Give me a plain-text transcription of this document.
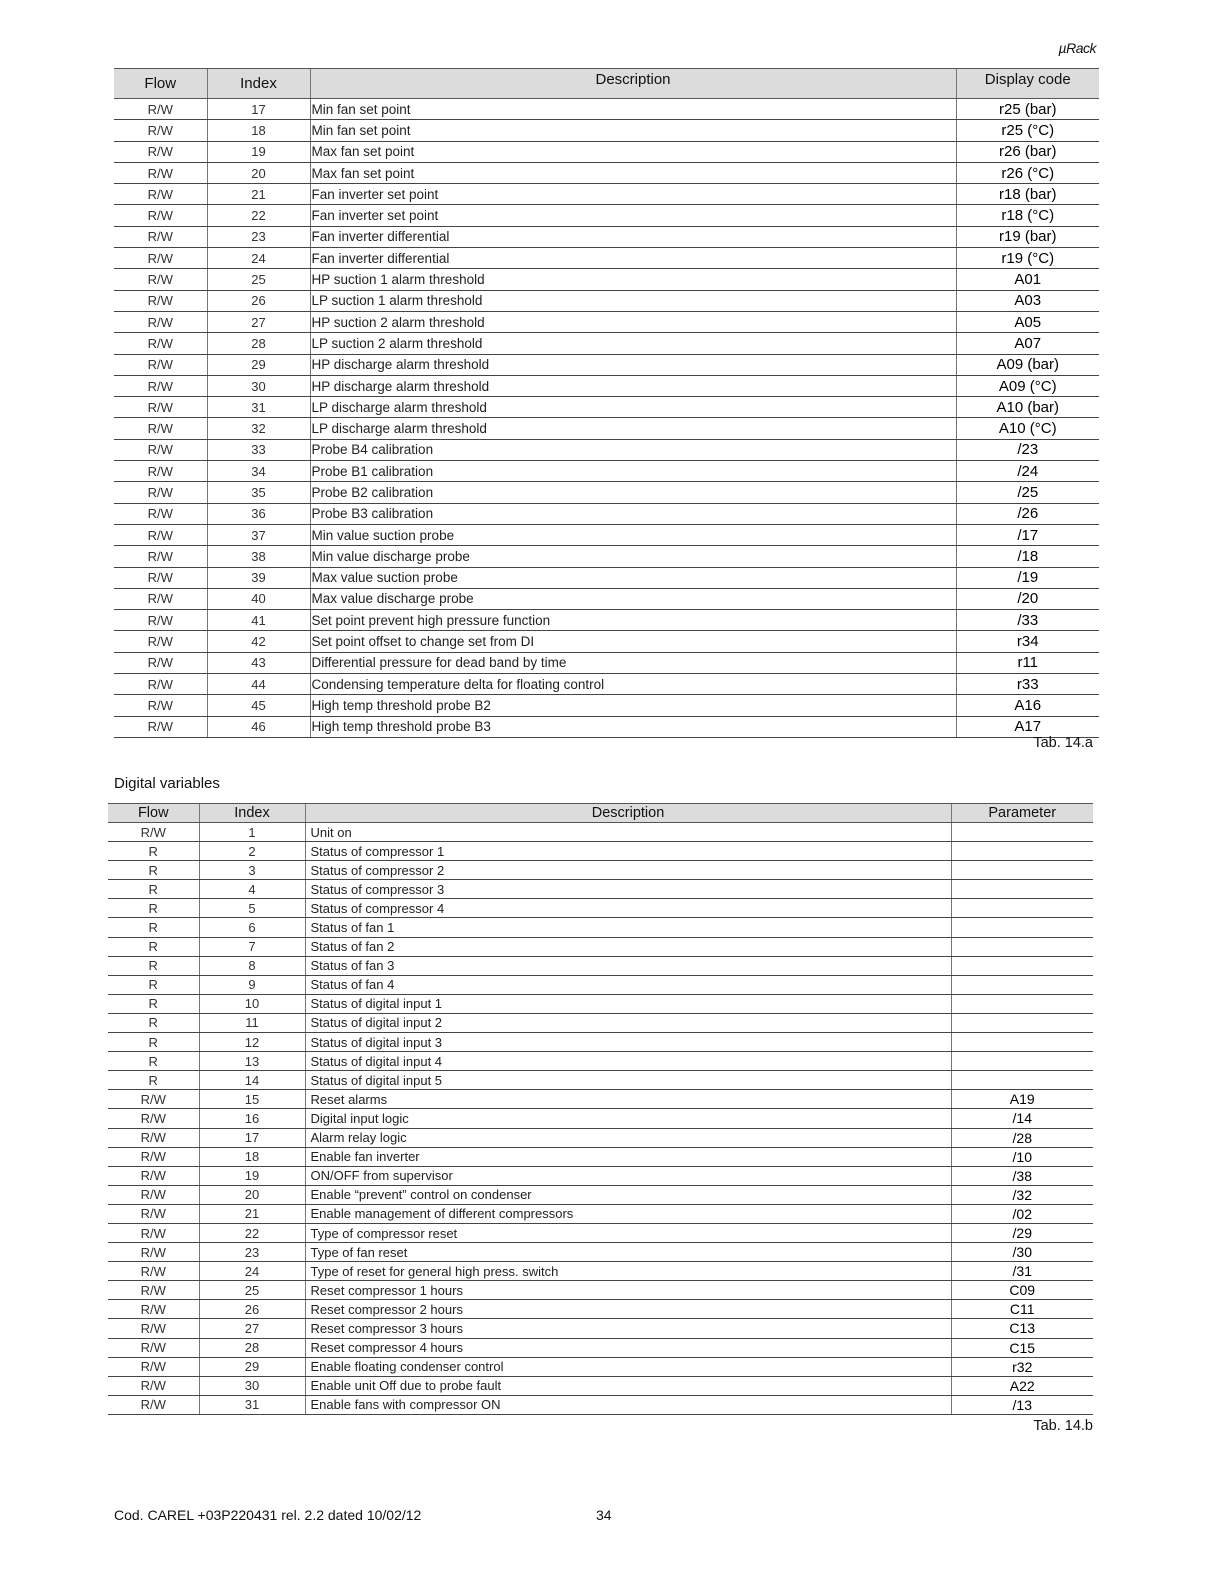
µRack
Flow	Index	Description	Display code
R/W	17	Min fan set point	r25 (bar)
R/W	18	Min fan set point	r25 (°C)
R/W	19	Max fan set point	r26 (bar)
R/W	20	Max fan set point	r26 (°C)
R/W	21	Fan inverter set point	r18 (bar)
R/W	22	Fan inverter set point	r18 (°C)
R/W	23	Fan inverter differential	r19 (bar)
R/W	24	Fan inverter differential	r19 (°C)
R/W	25	HP suction 1 alarm threshold	A01
R/W	26	LP suction 1 alarm threshold	A03
R/W	27	HP suction 2 alarm threshold	A05
R/W	28	LP suction 2 alarm threshold	A07
R/W	29	HP discharge alarm threshold	A09 (bar)
R/W	30	HP discharge alarm threshold	A09 (°C)
R/W	31	LP discharge alarm threshold	A10 (bar)
R/W	32	LP discharge alarm threshold	A10 (°C)
R/W	33	Probe B4 calibration	/23
R/W	34	Probe B1 calibration	/24
R/W	35	Probe B2 calibration	/25
R/W	36	Probe B3 calibration	/26
R/W	37	Min value suction probe	/17
R/W	38	Min value discharge probe	/18
R/W	39	Max value suction probe	/19
R/W	40	Max value discharge probe	/20
R/W	41	Set point prevent high pressure function	/33
R/W	42	Set point offset to change set from DI	r34
R/W	43	Differential pressure for dead band by time	r11
R/W	44	Condensing temperature delta for floating control	r33
R/W	45	High temp threshold probe B2	A16
R/W	46	High temp threshold probe B3	A17
Tab. 14.a
Digital variables
Flow	Index	Description	Parameter
R/W	1	Unit on	
R	2	Status of compressor 1	
R	3	Status of compressor 2	
R	4	Status of compressor 3	
R	5	Status of compressor 4	
R	6	Status of fan 1	
R	7	Status of fan 2	
R	8	Status of fan 3	
R	9	Status of fan 4	
R	10	Status of digital input 1	
R	11	Status of digital input 2	
R	12	Status of digital input 3	
R	13	Status of digital input 4	
R	14	Status of digital input 5	
R/W	15	Reset alarms	A19
R/W	16	Digital input logic	/14
R/W	17	Alarm relay logic	/28
R/W	18	Enable fan inverter	/10
R/W	19	ON/OFF from supervisor	/38
R/W	20	Enable “prevent” control on condenser	/32
R/W	21	Enable management of different compressors	/02
R/W	22	Type of compressor reset	/29
R/W	23	Type of fan reset	/30
R/W	24	Type of reset for general high press. switch	/31
R/W	25	Reset compressor 1 hours	C09
R/W	26	Reset compressor 2 hours	C11
R/W	27	Reset compressor 3 hours	C13
R/W	28	Reset compressor 4 hours	C15
R/W	29	Enable floating condenser control	r32
R/W	30	Enable unit Off due to probe fault	A22
R/W	31	Enable fans with compressor ON	/13
Tab. 14.b
Cod. CAREL +03P220431 rel. 2.2 dated 10/02/12	34
